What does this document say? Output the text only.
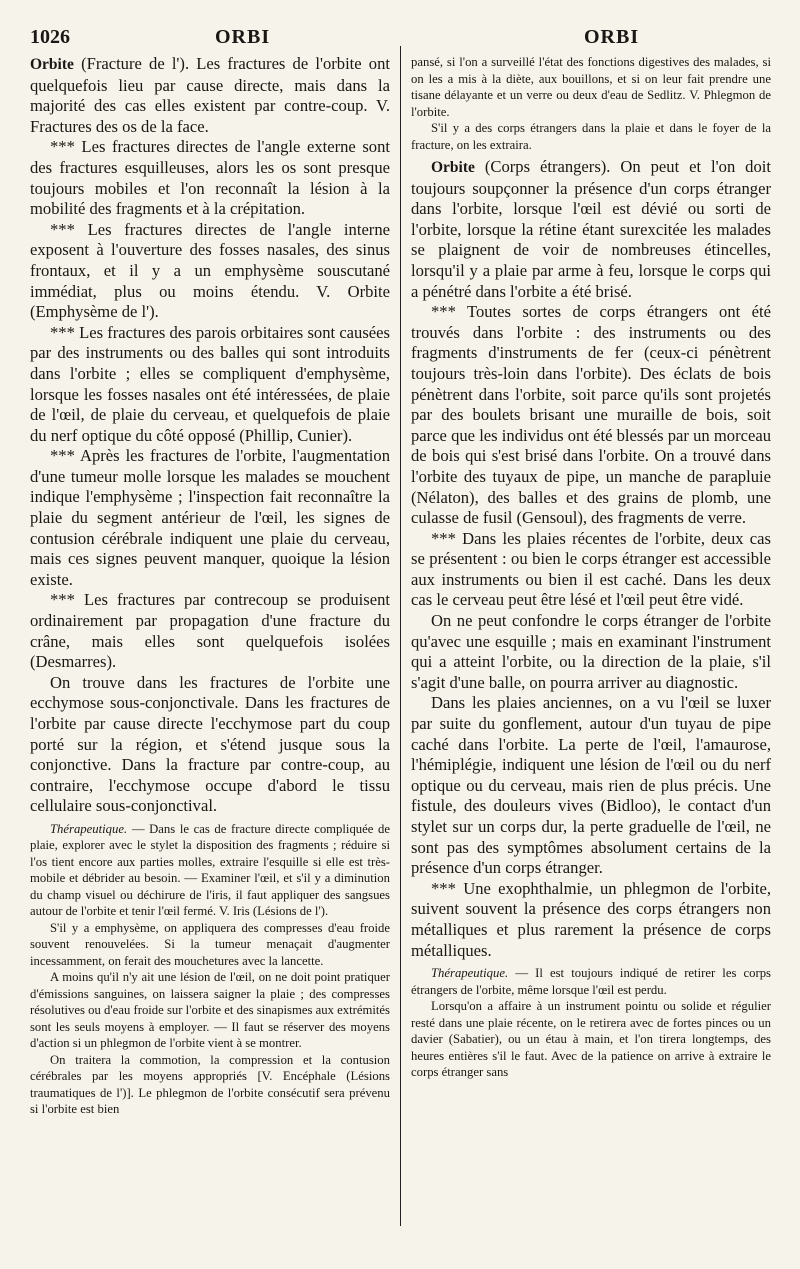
1026	ORBI	ORBI

Orbite (Fracture de l'). Les fractures de l'orbite ont quelquefois lieu par cause directe, mais dans la majorité des cas elles existent par contre-coup. V. Fractures des os de la face.

*** Les fractures directes de l'angle externe sont des fractures esquilleuses, alors les os sont presque toujours mobiles et l'on reconnaît la lésion à la mobilité des fragments et à la crépitation.

*** Les fractures directes de l'angle interne exposent à l'ouverture des fosses nasales, des sinus frontaux, et il y a un emphysème souscutané immédiat, plus ou moins étendu. V. Orbite (Emphysème de l').

*** Les fractures des parois orbitaires sont causées par des instruments ou des balles qui sont introduits dans l'orbite ; elles se compliquent d'emphysème, lorsque les fosses nasales ont été intéressées, de plaie de l'œil, de plaie du cerveau, et quelquefois de plaie du nerf optique du côté opposé (Phillip, Cunier).

*** Après les fractures de l'orbite, l'augmentation d'une tumeur molle lorsque les malades se mouchent indique l'emphysème ; l'inspection fait reconnaître la plaie du segment antérieur de l'œil, les signes de contusion cérébrale indiquent une plaie du cerveau, mais ces signes peuvent manquer, quoique la lésion existe.

*** Les fractures par contrecoup se produisent ordinairement par propagation d'une fracture du crâne, mais elles sont quelquefois isolées (Desmarres).

On trouve dans les fractures de l'orbite une ecchymose sous-conjonctivale. Dans les fractures de l'orbite par cause directe l'ecchymose part du coup porté sur la région, et s'étend jusque sous la conjonctive. Dans la fracture par contre-coup, au contraire, l'ecchymose occupe d'abord le tissu cellulaire sous-conjonctival.

Thérapeutique. — Dans le cas de fracture directe compliquée de plaie, explorer avec le stylet la disposition des fragments ; réduire si l'os tient encore aux parties molles, extraire l'esquille si elle est très-mobile et débrider au besoin. — Examiner l'œil, et s'il y a diminution du champ visuel ou déchirure de l'iris, il faut appliquer des sangsues autour de l'orbite et tenir l'œil fermé. V. Iris (Lésions de l').

S'il y a emphysème, on appliquera des compresses d'eau froide souvent renouvelées. Si la tumeur menaçait d'augmenter incessamment, on ferait des mouchetures avec la lancette.

A moins qu'il n'y ait une lésion de l'œil, on ne doit point pratiquer d'émissions sanguines, on laissera saigner la plaie ; des compresses résolutives ou d'eau froide sur l'orbite et des sinapismes aux extrémités sont les seuls moyens à employer. — Il faut se réserver des moyens d'action si un phlegmon de l'orbite vient à se montrer.

On traitera la commotion, la compression et la contusion cérébrales par les moyens appropriés [V. Encéphale (Lésions traumatiques de l')]. Le phlegmon de l'orbite consécutif sera prévenu si l'orbite est bien

pansé, si l'on a surveillé l'état des fonctions digestives des malades, si on les a mis à la diète, aux bouillons, et si on leur fait prendre une tisane délayante et un verre ou deux d'eau de Sedlitz. V. Phlegmon de l'orbite.

S'il y a des corps étrangers dans la plaie et dans le foyer de la fracture, on les extraira.

Orbite (Corps étrangers). On peut et l'on doit toujours soupçonner la présence d'un corps étranger dans l'orbite, lorsque l'œil est dévié ou sorti de l'orbite, lorsque la rétine étant surexcitée les malades se plaignent de voir de nombreuses étincelles, lorsqu'il y a plaie par arme à feu, lorsque le corps qui a pénétré dans l'orbite a été brisé.

*** Toutes sortes de corps étrangers ont été trouvés dans l'orbite : des instruments ou des fragments d'instruments de fer (ceux-ci pénètrent toujours très-loin dans l'orbite). Des éclats de bois pénètrent dans l'orbite, soit parce qu'ils sont projetés par des boulets brisant une muraille de bois, soit parce que les individus ont été blessés par un morceau de bois qui s'est brisé dans l'orbite. On a trouvé dans l'orbite des tuyaux de pipe, un manche de parapluie (Nélaton), des balles et des grains de plomb, une culasse de fusil (Gensoul), des fragments de verre.

*** Dans les plaies récentes de l'orbite, deux cas se présentent : ou bien le corps étranger est accessible aux instruments ou bien il est caché. Dans les deux cas le cerveau peut être lésé et l'œil peut être vidé.

On ne peut confondre le corps étranger de l'orbite qu'avec une esquille ; mais en examinant l'instrument qui a atteint l'orbite, ou la direction de la plaie, s'il s'agit d'une balle, on pourra arriver au diagnostic.

Dans les plaies anciennes, on a vu l'œil se luxer par suite du gonflement, autour d'un tuyau de pipe caché dans l'orbite. La perte de l'œil, l'amaurose, l'hémiplégie, indiquent une lésion de l'œil ou du nerf optique ou du cerveau, mais rien de plus précis. Une fistule, des douleurs vives (Bidloo), le contact d'un stylet sur un corps dur, la perte graduelle de l'œil, ne sont pas des symptômes absolument certains de la présence d'un corps étranger.

*** Une exophthalmie, un phlegmon de l'orbite, suivent souvent la présence des corps étrangers non métalliques et plus rarement la présence de corps métalliques.

Thérapeutique. — Il est toujours indiqué de retirer les corps étrangers de l'orbite, même lorsque l'œil est perdu.

Lorsqu'on a affaire à un instrument pointu ou solide et régulier resté dans une plaie récente, on le retirera avec de fortes pinces ou un davier (Sabatier), ou un étau à main, et l'on tirera longtemps, des heures entières s'il le faut. Avec de la patience on arrive à extraire le corps étranger sans
